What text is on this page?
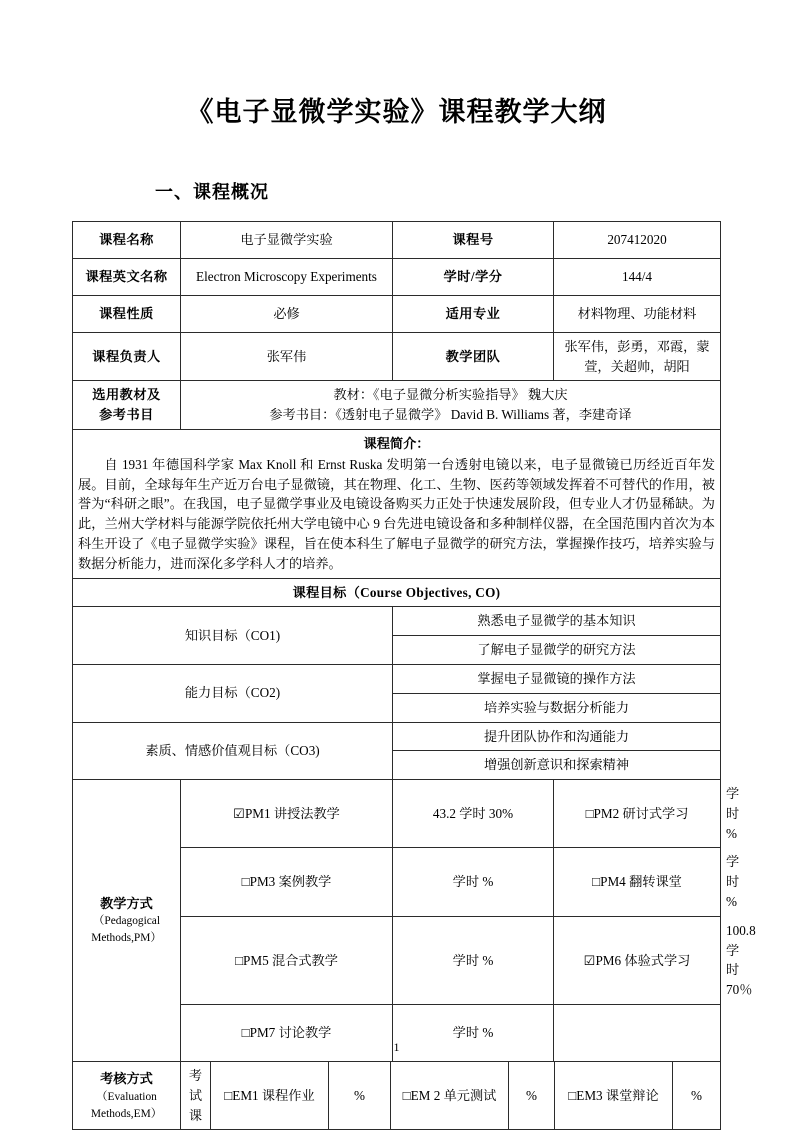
《电子显微学实验》课程教学大纲
一、课程概况
课程名称	电子显微学实验	课程号	207412020	
课程英文名称	Electron Microscopy Experiments	学时/学分	144/4	
课程性质	必修	适用专业	材料物理、功能材料	
课程负责人	张军伟	教学团队	张军伟，彭勇，邓霞，蒙萱，关超帅，胡阳	

选用教材及
参考书目

教材：《电子显微分析实验指导》 魏大庆
参考书目：《透射电子显微学》 David B. Williams 著，李建奇译

课程简介：

自 1931 年德国科学家 Max Knoll 和 Ernst Ruska 发明第一台透射电镜以来，电子显微镜已历经近百年发展。目前，全球每年生产近万台电子显微镜，其在物理、化工、生物、医药等领域发挥着不可替代的作用，被誉为“科研之眼”。在我国，电子显微学事业及电镜设备购买力正处于快速发展阶段，但专业人才仍显稀缺。为此，兰州大学材料与能源学院依托州大学电镜中心 9 台先进电镜设备和多种制样仪器，在全国范围内首次为本科生开设了《电子显微学实验》课程，旨在使本科生了解电子显微学的研究方法，掌握操作技巧，培养实验与数据分析能力，进而深化多学科人才的培养。				

课程目标（Course Objectives, CO)				
知识目标（CO1)		熟悉电子显微学的基本知识		
		了解电子显微学的研究方法		
能力目标（CO2)		掌握电子显微镜的操作方法		
		培养实验与数据分析能力		
素质、情感价值观目标（CO3)		提升团队协作和沟通能力		
		增强创新意识和探索精神		

教学方式
（Pedagogical
Methods,PM）	☑PM1 讲授法教学	43.2 学时 30%	□PM2 研讨式学习	学时 %
	□PM3 案例教学	学时 %	□PM4 翻转课堂	学时 %
	□PM5 混合式教学	学时 %	☑PM6 体验式学习	100.8 学时 70％
	□PM7 讨论教学	学时 %		
考核方式
（Evaluation
Methods,EM）

考
试
课
	□EM1 课程作业	%	□EM 2 单元测试	%	□EM3 课堂辩论	%
1
